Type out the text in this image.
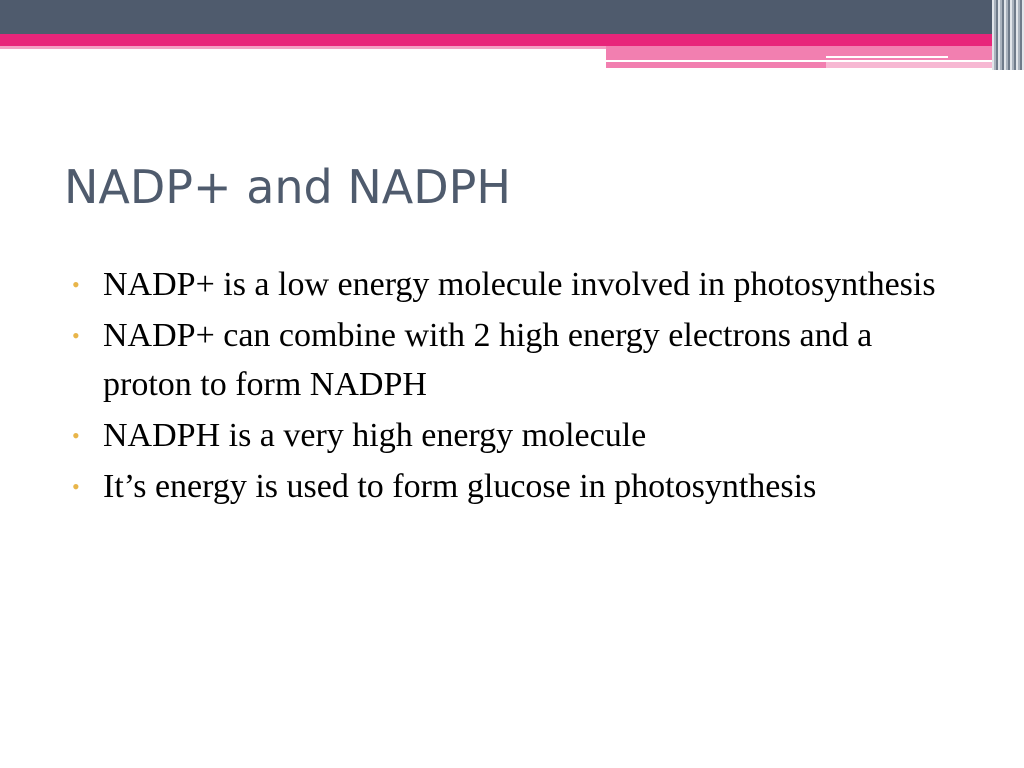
NADP+ and NADPH
• NADP+ is a low energy molecule involved in photosynthesis
• NADP+ can combine with 2 high energy electrons and a proton to form NADPH
• NADPH is a very high energy molecule
• It’s energy is used to form glucose in photosynthesis
